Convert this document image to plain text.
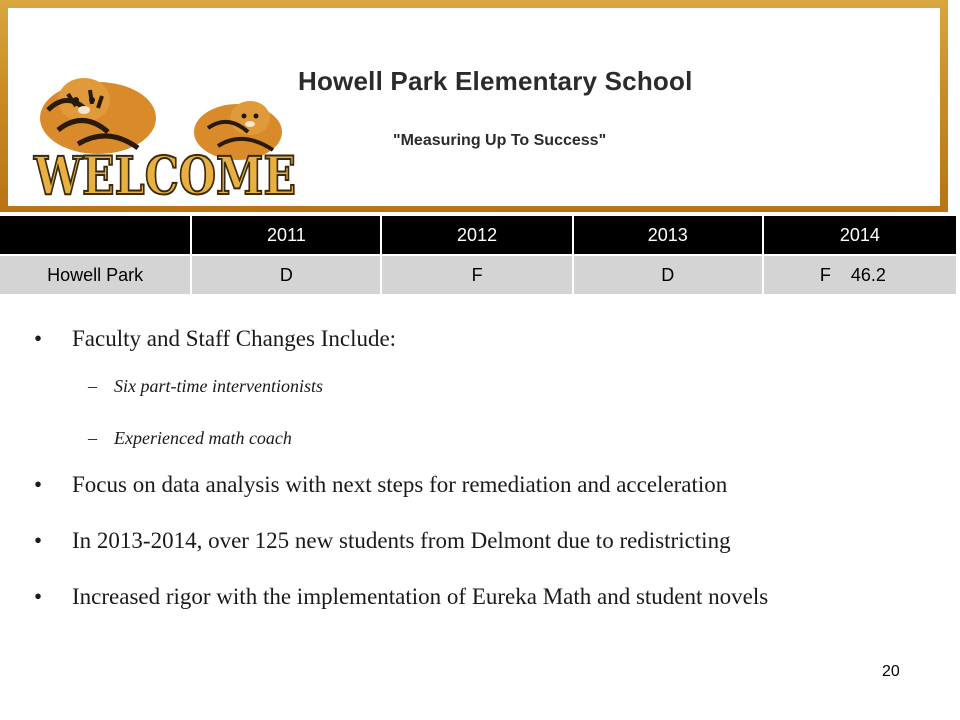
WELCOME
Howell Park Elementary School
"Measuring Up To Success"
	2011	2012	2013	2014
Howell Park	D	F	D	F    46.2
• Faculty and Staff Changes Include:
– Six part-time interventionists
– Experienced math coach
• Focus on data analysis with next steps for remediation and acceleration
• In 2013-2014, over 125 new students from Delmont due to redistricting
• Increased rigor with the implementation of Eureka Math and student novels
20
